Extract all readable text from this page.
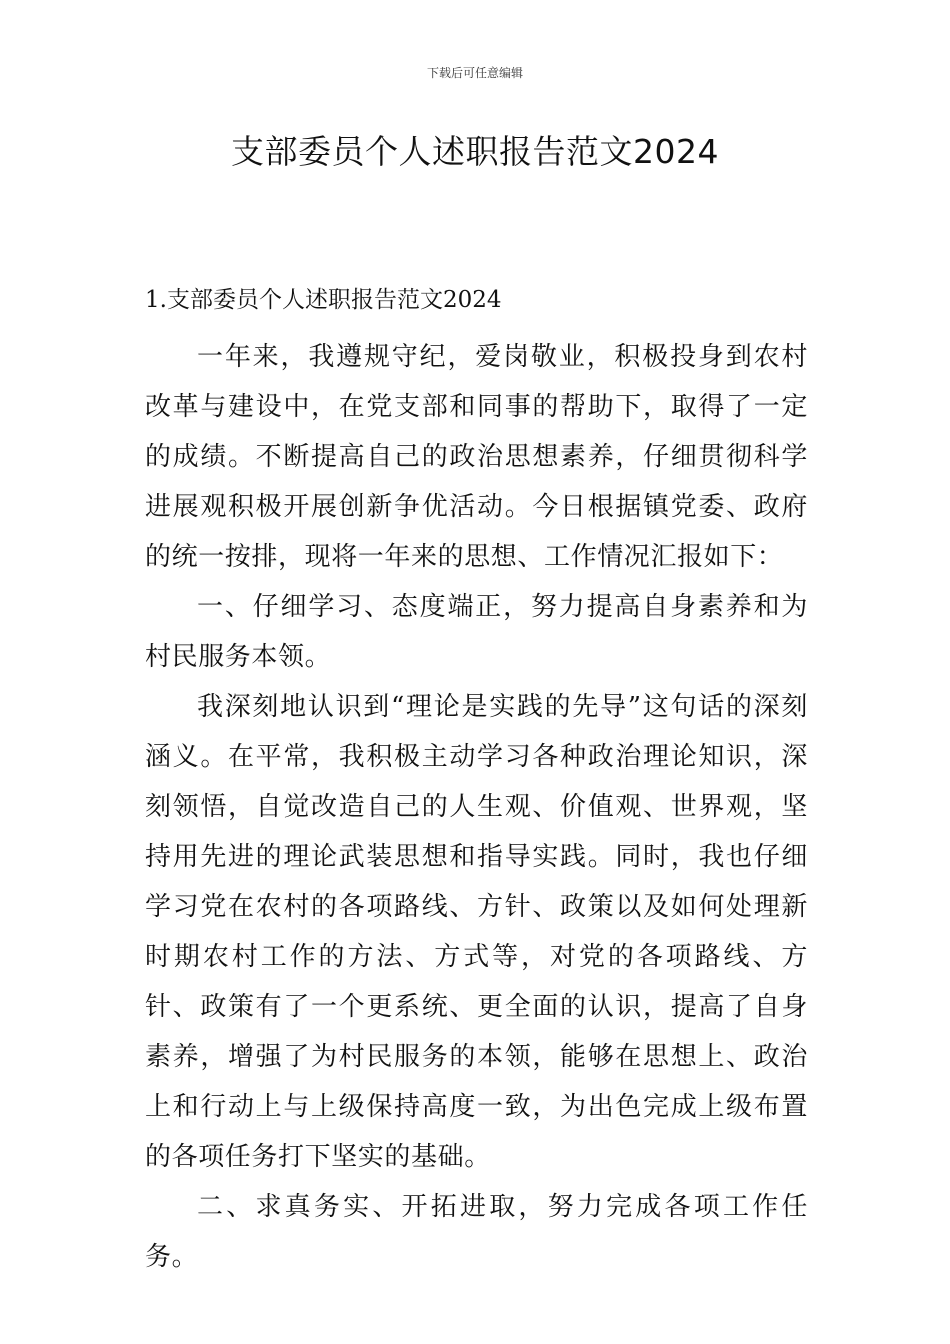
下载后可任意编辑
支部委员个人述职报告范文2024

1.支部委员个人述职报告范文2024

一年来，我遵规守纪，爱岗敬业，积极投身到农村改革与建设中，在党支部和同事的帮助下，取得了一定的成绩。不断提高自己的政治思想素养，仔细贯彻科学进展观积极开展创新争优活动。今日根据镇党委、政府的统一按排，现将一年来的思想、工作情况汇报如下：

一、仔细学习、态度端正，努力提高自身素养和为村民服务本领。

我深刻地认识到“理论是实践的先导”这句话的深刻涵义。在平常，我积极主动学习各种政治理论知识，深刻领悟，自觉改造自己的人生观、价值观、世界观，坚持用先进的理论武装思想和指导实践。同时，我也仔细学习党在农村的各项路线、方针、政策以及如何处理新时期农村工作的方法、方式等，对党的各项路线、方针、政策有了一个更系统、更全面的认识，提高了自身素养，增强了为村民服务的本领，能够在思想上、政治上和行动上与上级保持高度一致，为出色完成上级布置的各项任务打下坚实的基础。

二、求真务实、开拓进取，努力完成各项工作任务。
